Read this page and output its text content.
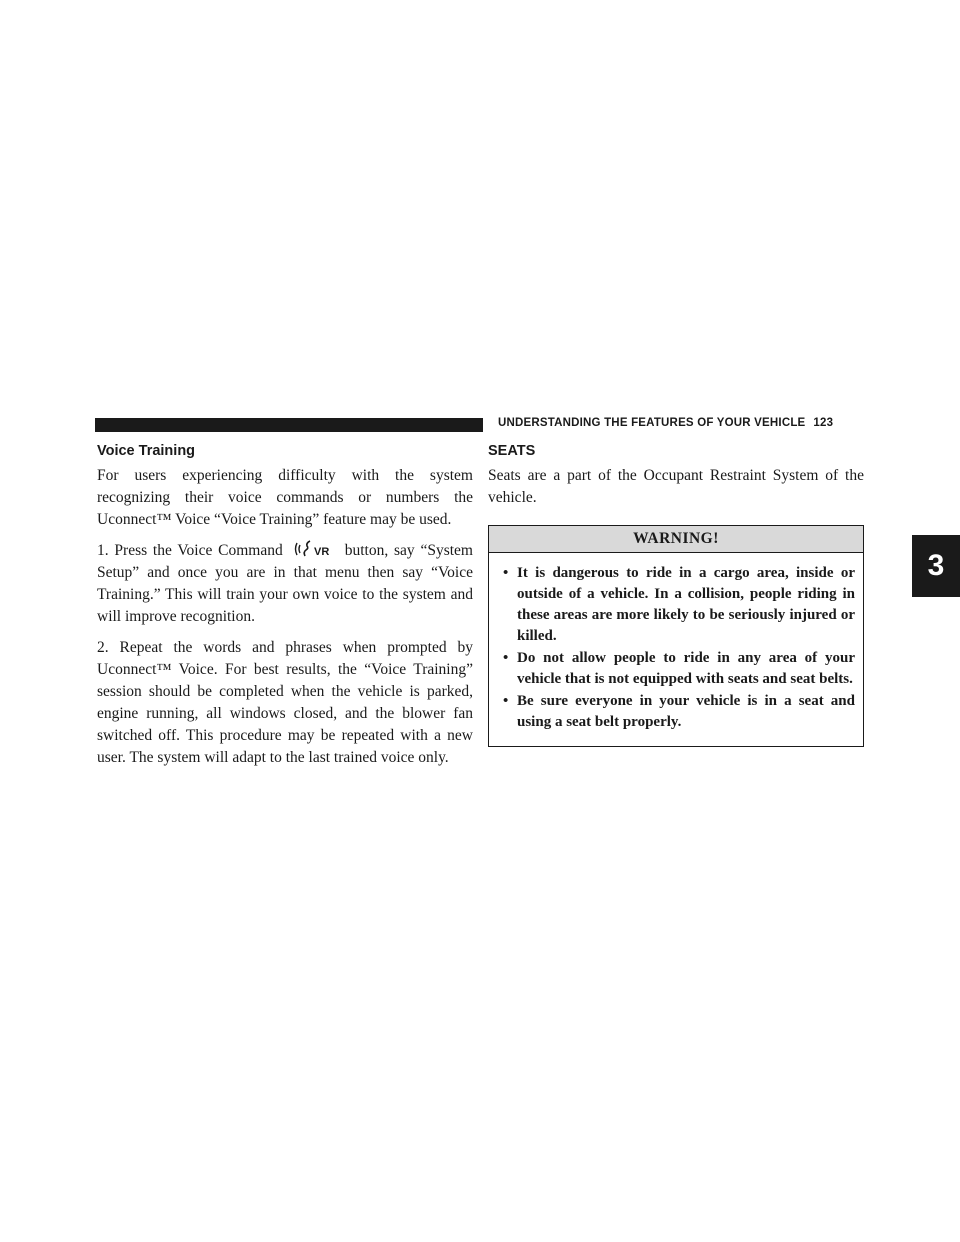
UNDERSTANDING THE FEATURES OF YOUR VEHICLE 123
3
Voice Training

For users experiencing difficulty with the system recognizing their voice commands or numbers the Uconnect™ Voice “Voice Training” feature may be used.

1. Press the Voice Command	VR button, say “System Setup” and once you are in that menu then say “Voice Training.” This will train your own voice to the system and will improve recognition.

2. Repeat the words and phrases when prompted by Uconnect™ Voice. For best results, the “Voice Training” session should be completed when the vehicle is parked, engine running, all windows closed, and the blower fan switched off. This procedure may be repeated with a new user. The system will adapt to the last trained voice only.

SEATS

Seats are a part of the Occupant Restraint System of the vehicle.

WARNING!
• It is dangerous to ride in a cargo area, inside or outside of a vehicle. In a collision, people riding in these areas are more likely to be seriously injured or killed.
• Do not allow people to ride in any area of your vehicle that is not equipped with seats and seat belts.
• Be sure everyone in your vehicle is in a seat and using a seat belt properly.
